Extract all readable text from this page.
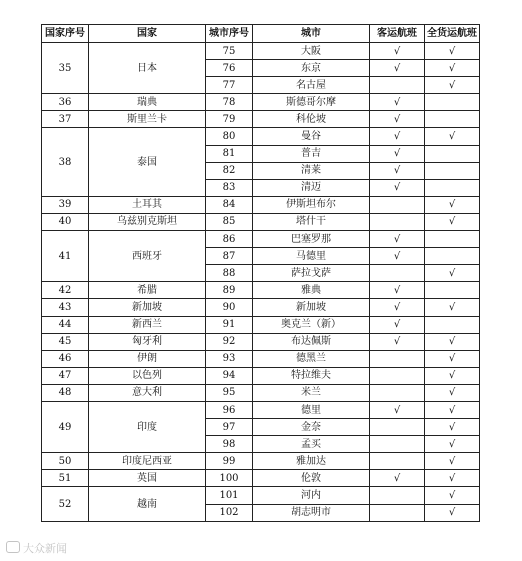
国家序号	国家	城市序号	城市	客运航班	全货运航班
35	日本	75	大阪	√	√
		76	东京	√	√
		77	名古屋		√
36	瑞典	78	斯德哥尔摩	√	
37	斯里兰卡	79	科伦坡	√	
38	泰国	80	曼谷	√	√
		81	普吉	√	
		82	清莱	√	
		83	清迈	√	
39	土耳其	84	伊斯坦布尔		√
40	乌兹别克斯坦	85	塔什干		√
41	西班牙	86	巴塞罗那	√	
		87	马德里	√	
		88	萨拉戈萨		√
42	希腊	89	雅典	√	
43	新加坡	90	新加坡	√	√
44	新西兰	91	奥克兰（新）	√	
45	匈牙利	92	布达佩斯	√	√
46	伊朗	93	德黑兰		√
47	以色列	94	特拉维夫		√
48	意大利	95	米兰		√
49	印度	96	德里	√	√
		97	金奈		√
		98	孟买		√
50	印度尼西亚	99	雅加达		√
51	英国	100	伦敦	√	√
52	越南	101	河内		√
		102	胡志明市		√
大众新闻
